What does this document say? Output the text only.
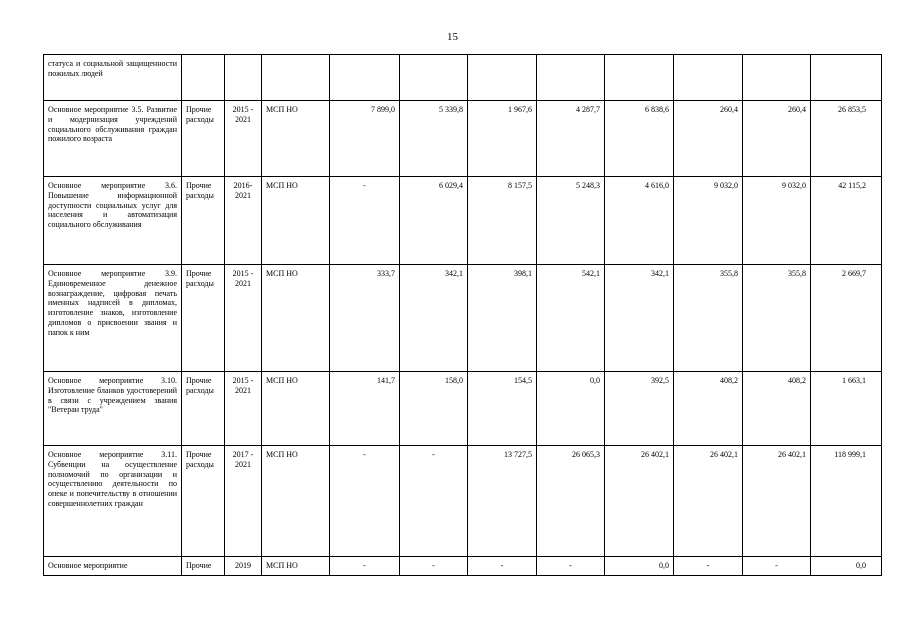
15
статуса и социальной защищенности пожилых людей											
Основное мероприятие 3.5. Развитие и модернизация учреждений социального обслуживания граждан пожилого возраста	Прочие расходы	2015 - 2021	МСП НО	7 899,0	5 339,8	1 967,6	4 287,7	6 838,6	260,4	260,4	26 853,5
Основное мероприятие 3.6. Повышение информационной доступности социальных услуг для населения и автоматизация социального обслуживания	Прочие расходы	2016- 2021	МСП НО	-	6 029,4	8 157,5	5 248,3	4 616,0	9 032,0	9 032,0	42 115,2
Основное мероприятие 3.9. Единовременное денежное вознаграждение, цифровая печать именных надписей в дипломах, изготовление знаков, изготовление дипломов о присвоении звания и папок к ним	Прочие расходы	2015 - 2021	МСП НО	333,7	342,1	398,1	542,1	342,1	355,8	355,8	2 669,7
Основное мероприятие 3.10. Изготовление бланков удостоверений в связи с учреждением звания "Ветеран труда"	Прочие расходы	2015 - 2021	МСП НО	141,7	158,0	154,5	0,0	392,5	408,2	408,2	1 663,1
Основное мероприятие 3.11. Субвенции на осуществление полномочий по организации и осуществлению деятельности по опеке и попечительству в отношении совершеннолетних граждан	Прочие расходы	2017 - 2021	МСП НО	-	-	13 727,5	26 065,3	26 402,1	26 402,1	26 402,1	118 999,1
Основное мероприятие	Прочие	2019	МСП НО	-	-	-	-	0,0	-	-	0,0
